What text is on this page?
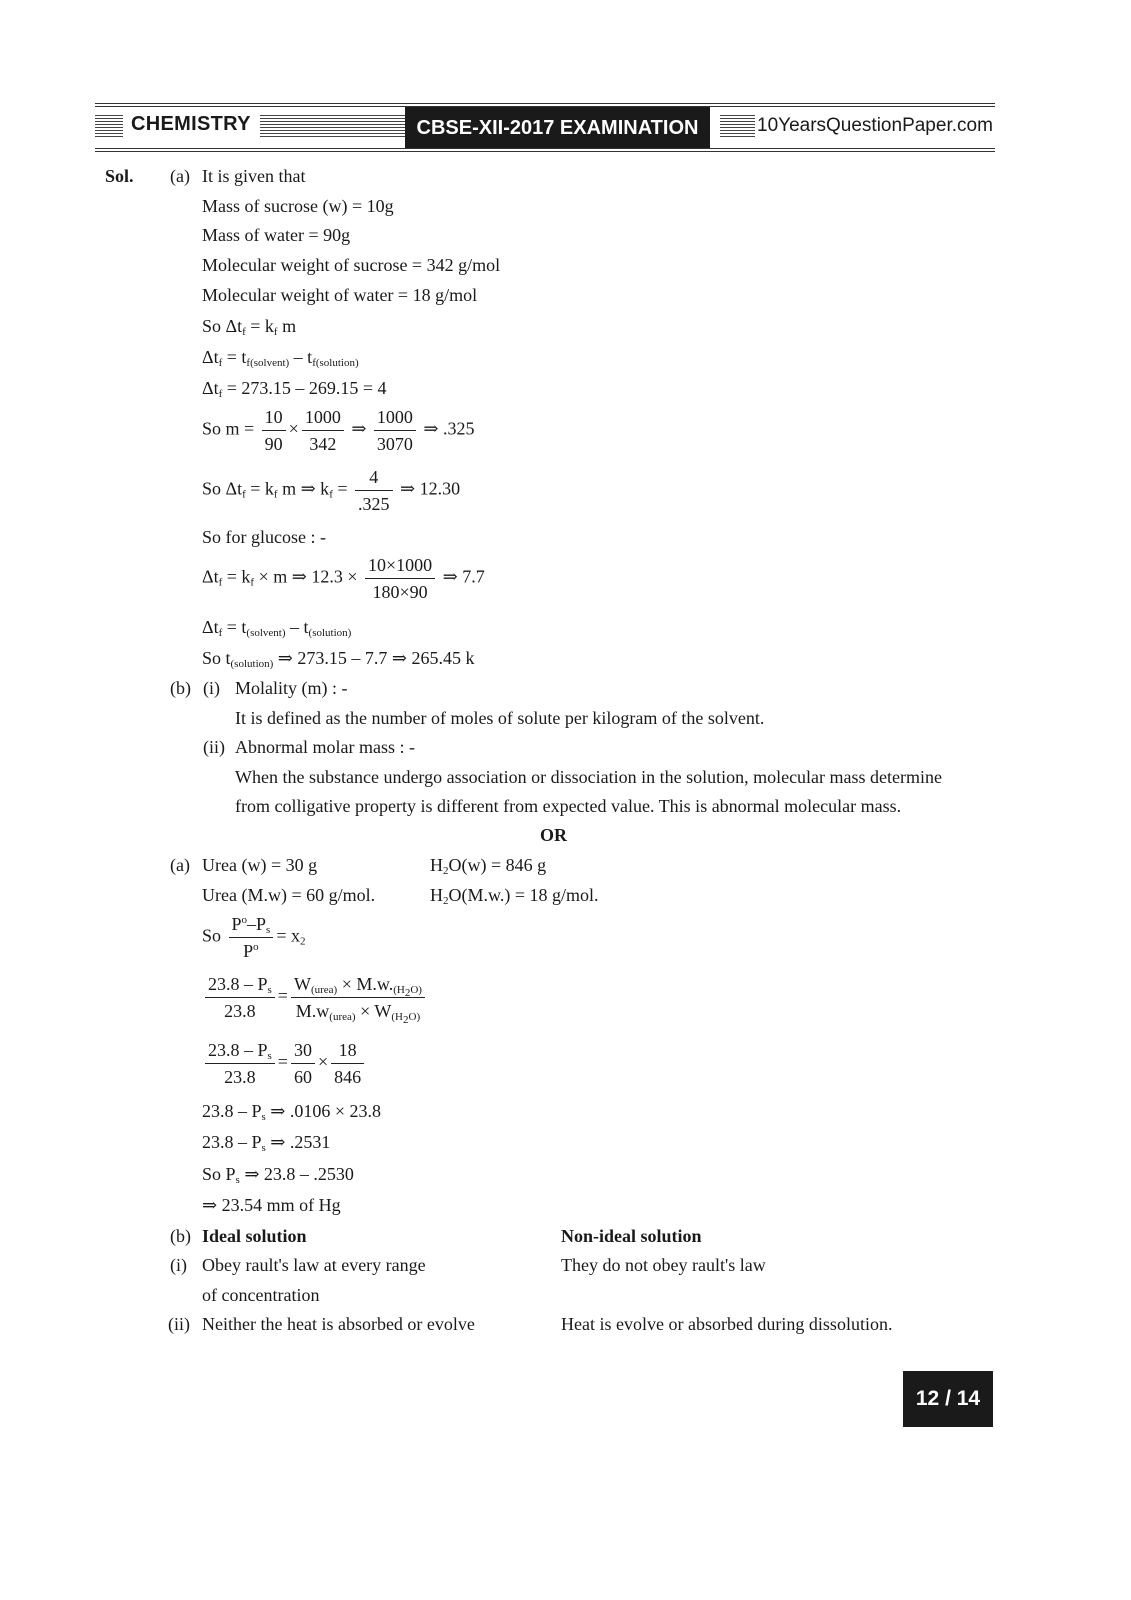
CHEMISTRY	CBSE-XII-2017 EXAMINATION	10YearsQuestionPaper.com
Sol. (a) It is given that
Mass of sucrose (w) = 10g
Mass of water = 90g
Molecular weight of sucrose = 342 g/mol
Molecular weight of water = 18 g/mol
So $\Delta t_f = k_f$ m
$\Delta t_f = t_{f(solvent)} - t_{f(solution)}$
$\Delta t_f = 273.15 - 269.15 = 4$
So $m = \frac{10}{90} \times \frac{1000}{342}$ ⇒ $\frac{1000}{3070}$ ⇒ .325
So $\Delta t_f = k_f$ m ⇒ $k_f = \frac{4}{.325}$ ⇒ 12.30
So for glucose : -
$\Delta t_f = k_f \times m$ ⇒ $12.3 \times \frac{10\times 1000}{180\times 90}$ ⇒ 7.7
$\Delta t_f = t_{(solvent)} - t_{(solution)}$
So $t_{(solution)}$ ⇒ 273.15 – 7.7 ⇒ 265.45 k
(b) (i) Molality (m) : -
It is defined as the number of moles of solute per kilogram of the solvent.
(ii) Abnormal molar mass : -
When the substance undergo association or dissociation in the solution, molecular mass determine
from colligative property is different from expected value. This is abnormal molecular mass.
OR
(a) Urea (w) = 30 g	$H_2O(w) = 846$ g
Urea (M.w) = 60 g/mol.	$H_2O(M.w.) = 18$ g/mol.
So $\frac{P^o-P_s}{P^o} = x_2$
$\frac{23.8 - P_s}{23.8} = \frac{W_{(urea)} \times M.w._{(H_2O)}}{M.w_{(urea)} \times W_{(H_2O)}}$
$\frac{23.8 - P_s}{23.8} = \frac{30}{60} \times \frac{18}{846}$
$23.8 - P_s$ ⇒ .0106 × 23.8
$23.8 - P_s$ ⇒ .2531
So $P_s$ ⇒ 23.8 – .2530
⇒ 23.54 mm of Hg
(b) Ideal solution	Non-ideal solution
(i) Obey rault's law at every range	They do not obey rault's law
of concentration
(ii) Neither the heat is absorbed or evolve	Heat is evolve or absorbed during dissolution.
12 / 14
